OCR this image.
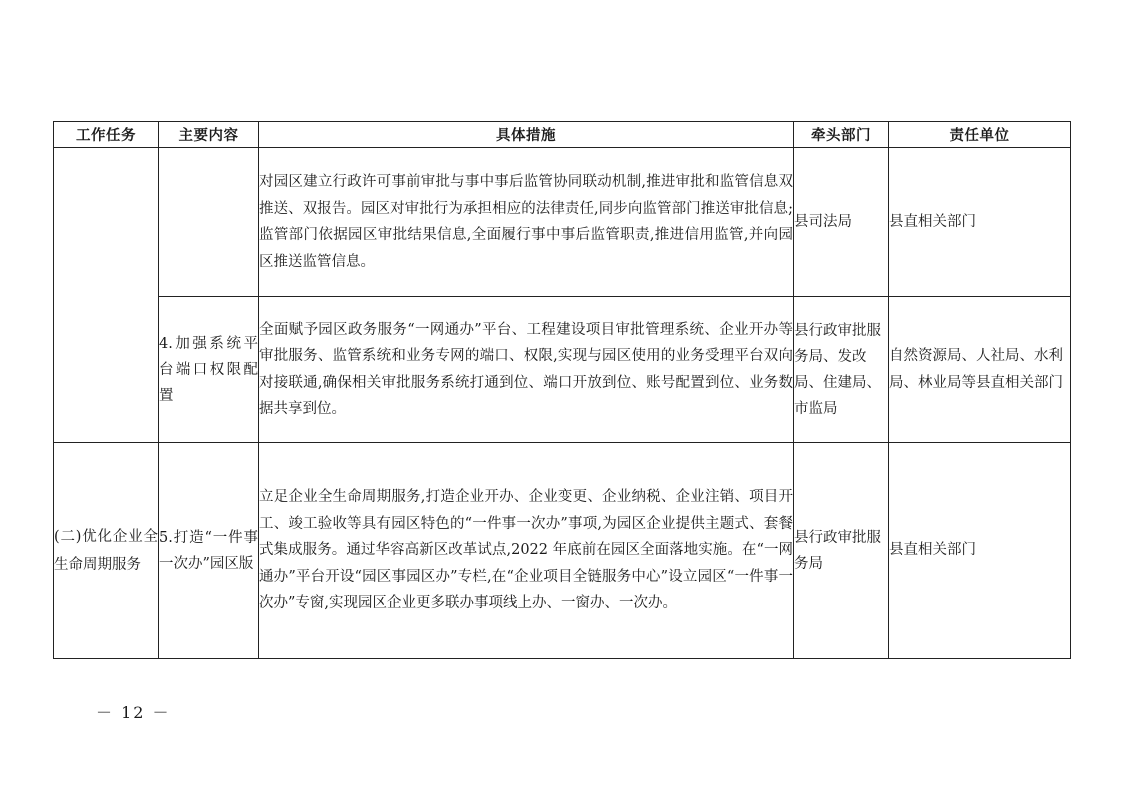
工作任务	主要内容	具体措施	牵头部门	责任单位
		对园区建立行政许可事前审批与事中事后监管协同联动机制,推进审批和监管信息双推送、双报告。园区对审批行为承担相应的法律责任,同步向监管部门推送审批信息;监管部门依据园区审批结果信息,全面履行事中事后监管职责,推进信用监管,并向园区推送监管信息。	县司法局	县直相关部门
	4.加强系统平台端口权限配置	全面赋予园区政务服务“一网通办”平台、工程建设项目审批管理系统、企业开办等审批服务、监管系统和业务专网的端口、权限,实现与园区使用的业务受理平台双向对接联通,确保相关审批服务系统打通到位、端口开放到位、账号配置到位、业务数据共享到位。	县行政审批服务局、发改局、住建局、市监局	自然资源局、人社局、水利局、林业局等县直相关部门
(二)优化企业全生命周期服务	5.打造“一件事一次办”园区版	立足企业全生命周期服务,打造企业开办、企业变更、企业纳税、企业注销、项目开工、竣工验收等具有园区特色的“一件事一次办”事项,为园区企业提供主题式、套餐式集成服务。通过华容高新区改革试点,2022 年底前在园区全面落地实施。在“一网通办”平台开设“园区事园区办”专栏,在“企业项目全链服务中心”设立园区“一件事一次办”专窗,实现园区企业更多联办事项线上办、一窗办、一次办。	县行政审批服务局	县直相关部门
－ 12 －
